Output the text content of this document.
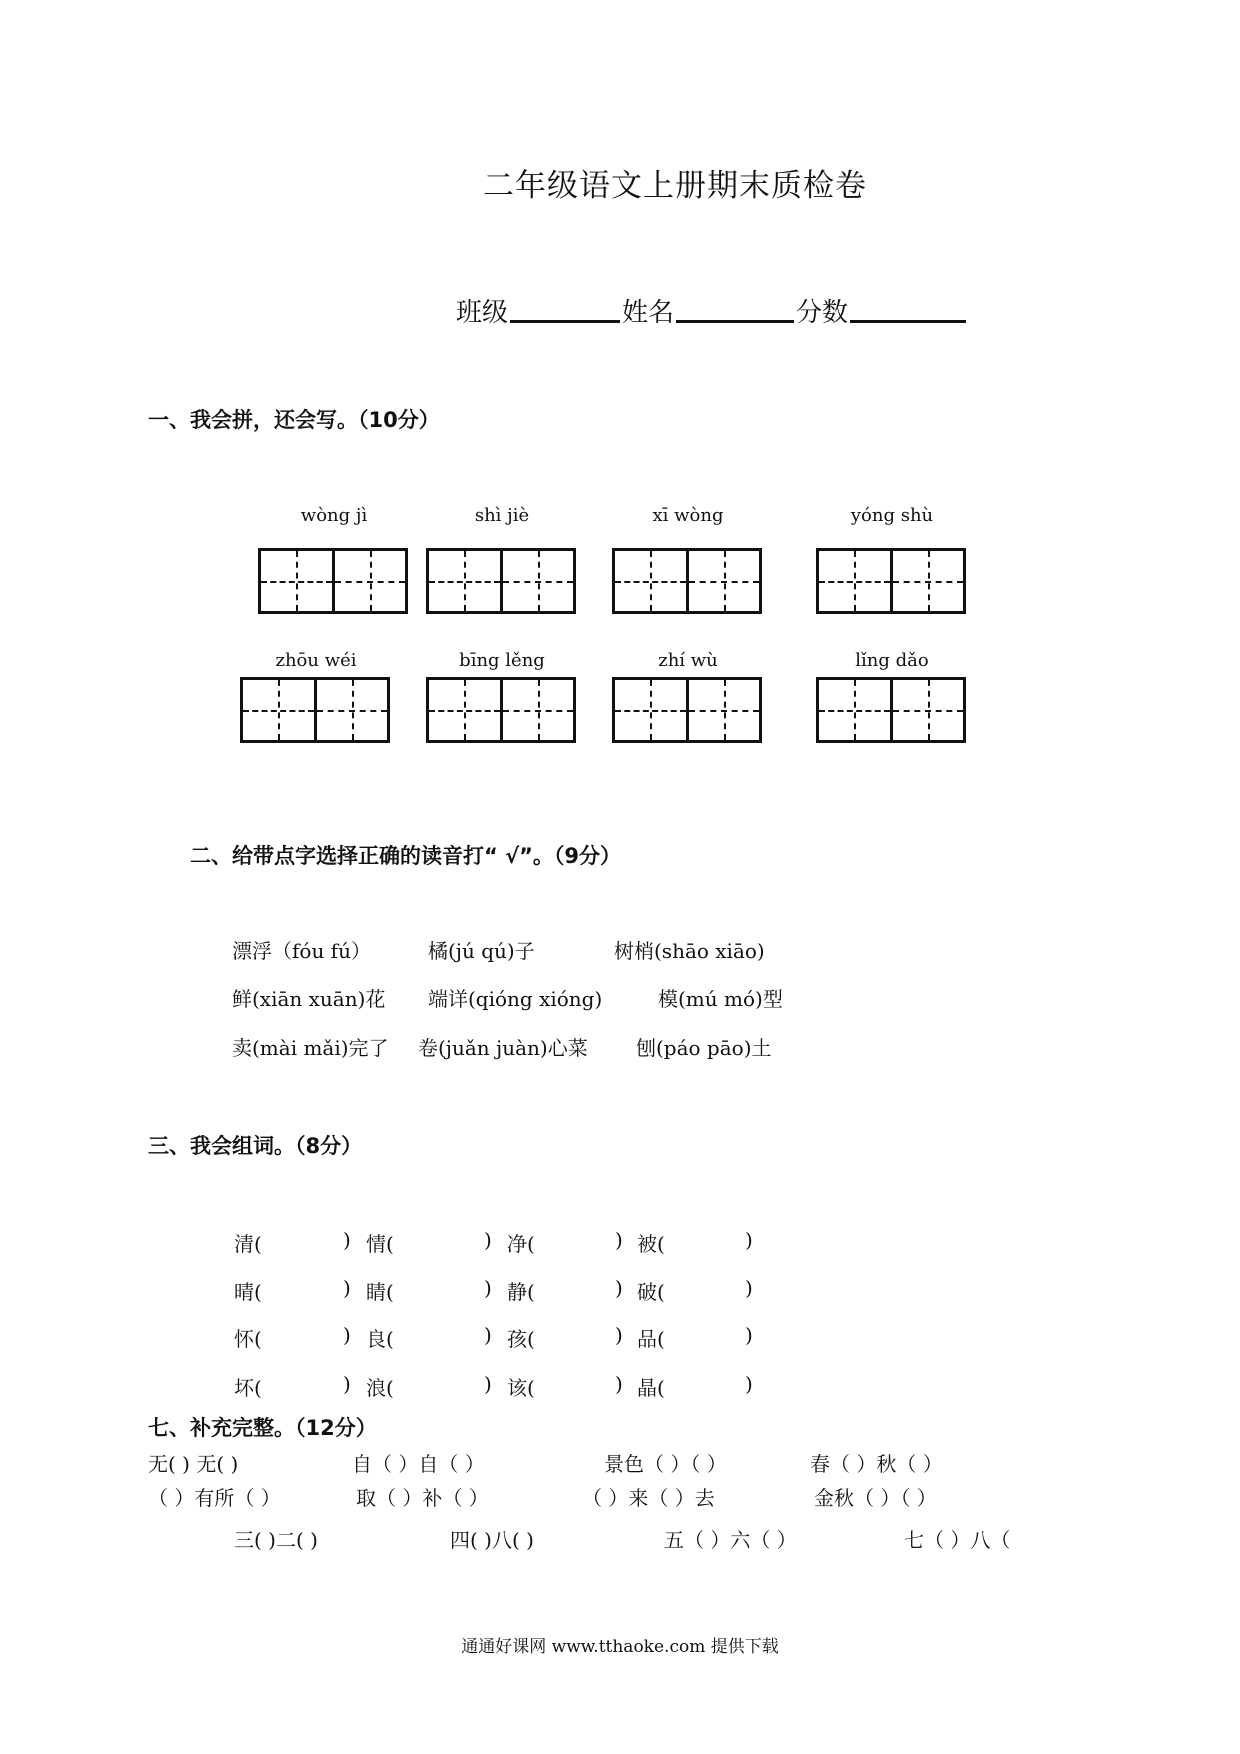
二年级语文上册期末质检卷
班级	姓名	分数
一、我会拼，还会写。（10分）
wòng jì	shì jiè	xī wòng	yóng shù
zhōu wéi	bīng lěng	zhí wù	lǐng dǎo
二、给带点字选择正确的读音打“ √”。（9分）
漂浮（fóu fú）	橘(jú qú)子	树梢(shāo xiāo)
鲜(xiān xuān)花 端详(qióng xióng)	模(mú mó)型
卖(mài mǎi)完了 卷(juǎn juàn)心菜 刨(páo pāo)土
三、我会组词。（8分）
清(	) 情(	) 净(	) 被(	)
晴(	) 睛(	) 静(	) 破(	)
怀(	) 良(	) 孩(	) 品(	)
坏(	) 浪(	) 该(	) 晶(	)
七、补充完整。（12分）
无( ) 无( )	自（ ）自（ ）	景色（ ）（ ）	春（ ）秋（ ）
（ ）有所（ ）	取（ ）补（ ）	（ ）来（ ）去	金秋（ ）（ ）
三( )二( )	四( )八( )	五（ ）六（ ）	七（ ）八（
通通好课网 www.tthaoke.com 提供下载
